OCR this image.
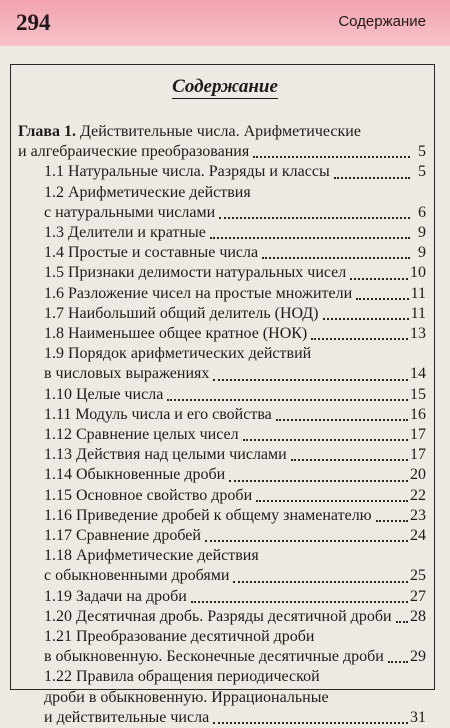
294	Содержание
Содержание
Глава 1. Действительные числа. Арифметические
и алгебраические преобразования	5
1.1 Натуральные числа. Разряды и классы	5
1.2 Арифметические действия
с натуральными числами	6
1.3 Делители и кратные	9
1.4 Простые и составные числа	9
1.5 Признаки делимости натуральных чисел	10
1.6 Разложение чисел на простые множители	11
1.7 Наибольший общий делитель (НОД)	11
1.8 Наименьшее общее кратное (НОК)	13
1.9 Порядок арифметических действий
в числовых выражениях	14
1.10 Целые числа	15
1.11 Модуль числа и его свойства	16
1.12 Сравнение целых чисел	17
1.13 Действия над целыми числами	17
1.14 Обыкновенные дроби	20
1.15 Основное свойство дроби	22
1.16 Приведение дробей к общему знаменателю 23
1.17 Сравнение дробей	24
1.18 Арифметические действия
с обыкновенными дробями	25
1.19 Задачи на дроби	27
1.20 Десятичная дробь. Разряды десятичной дроби 28
1.21 Преобразование десятичной дроби
в обыкновенную. Бесконечные десятичные дроби 29
1.22 Правила обращения периодической
дроби в обыкновенную. Иррациональные
и действительные числа	31
